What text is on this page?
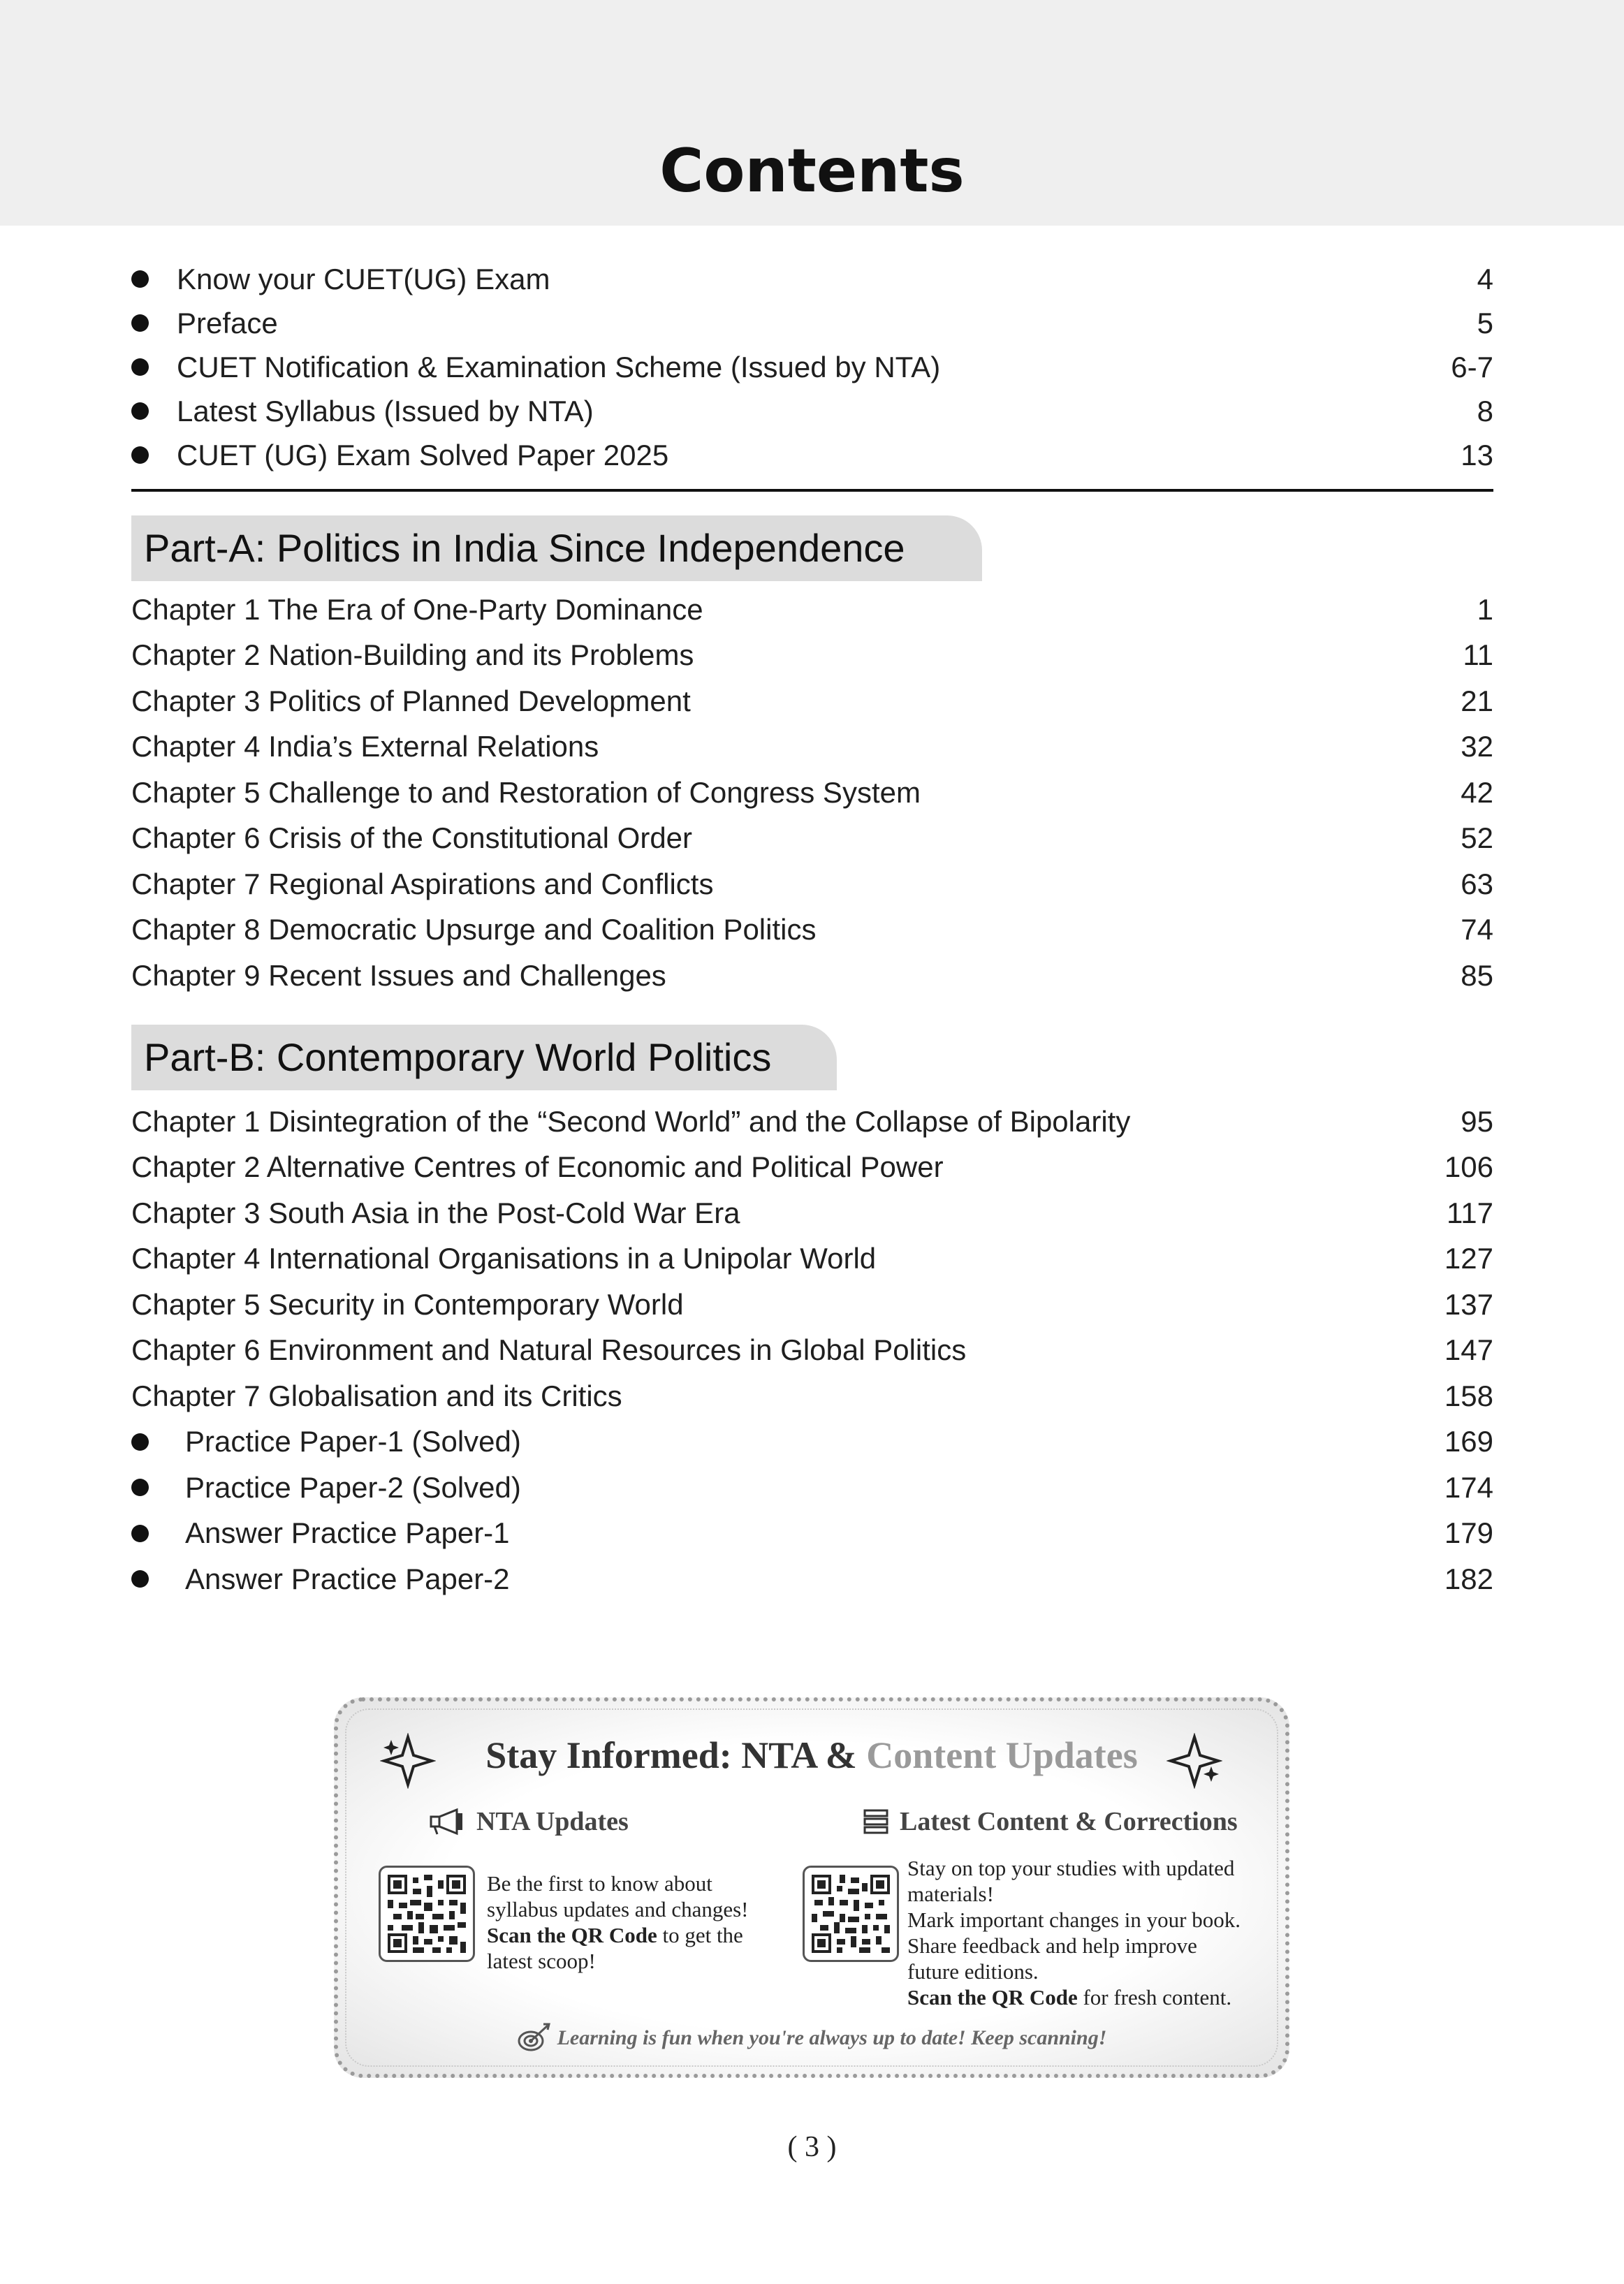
Contents
Know your CUET(UG) Exam	4
Preface	5
CUET Notification & Examination Scheme (Issued by NTA)	6-7
Latest Syllabus (Issued by NTA)	8
CUET (UG) Exam Solved Paper 2025	13
Part-A: Politics in India Since Independence
Chapter 1 The Era of One-Party Dominance	1
Chapter 2 Nation-Building and its Problems	11
Chapter 3 Politics of Planned Development	21
Chapter 4 India’s External Relations	32
Chapter 5 Challenge to and Restoration of Congress System	42
Chapter 6 Crisis of the Constitutional Order	52
Chapter 7 Regional Aspirations and Conflicts	63
Chapter 8 Democratic Upsurge and Coalition Politics	74
Chapter 9 Recent Issues and Challenges	85
Part-B: Contemporary World Politics
Chapter 1 Disintegration of the “Second World” and the Collapse of Bipolarity	95
Chapter 2 Alternative Centres of Economic and Political Power	106
Chapter 3 South Asia in the Post-Cold War Era	117
Chapter 4 International Organisations in a Unipolar World	127
Chapter 5 Security in Contemporary World	137
Chapter 6 Environment and Natural Resources in Global Politics	147
Chapter 7 Globalisation and its Critics	158
Practice Paper-1 (Solved)	169
Practice Paper-2 (Solved)	174
Answer Practice Paper-1	179
Answer Practice Paper-2	182
Stay Informed: NTA & Content Updates
NTA Updates	Latest Content & Corrections
Be the first to know about
syllabus updates and changes!
Scan the QR Code to get the
latest scoop!
Stay on top your studies with updated
materials!
Mark important changes in your book.
Share feedback and help improve
future editions.
Scan the QR Code for fresh content.
Learning is fun when you're always up to date! Keep scanning!
( 3 )
